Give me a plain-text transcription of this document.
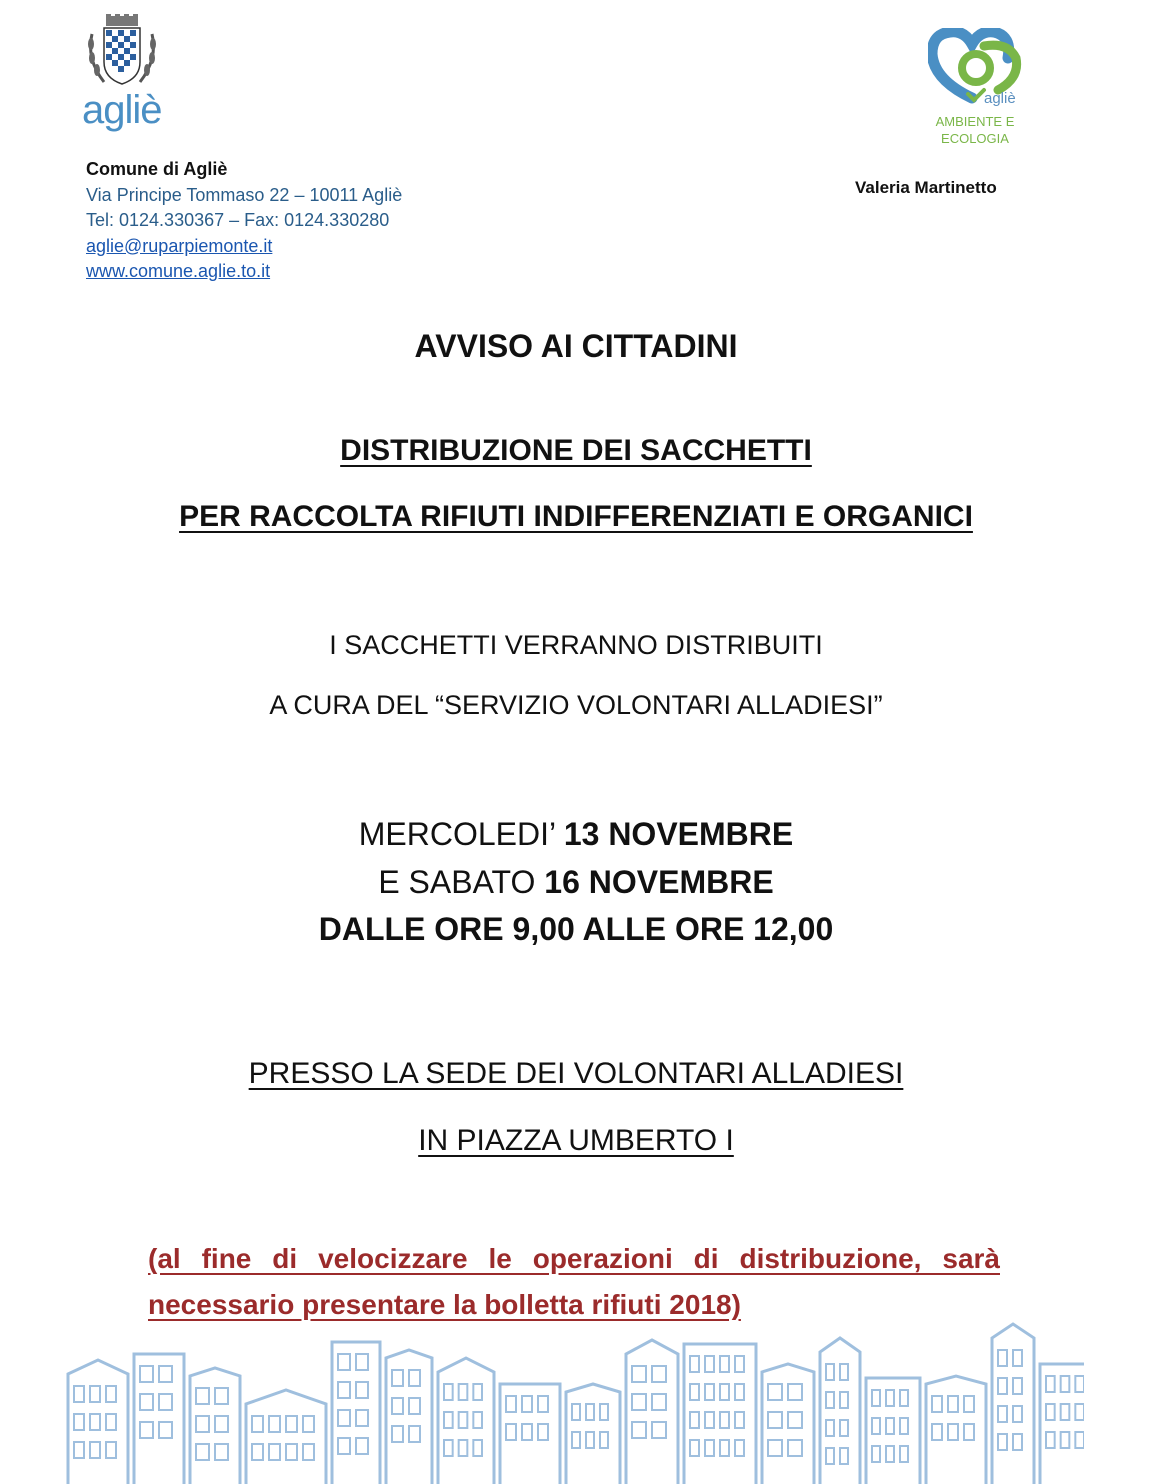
agliè
Comune di Agliè
Via Principe Tommaso 22 – 10011 Agliè
Tel: 0124.330367 – Fax: 0124.330280
aglie@ruparpiemonte.it
www.comune.aglie.to.it
agliè
AMBIENTE E
ECOLOGIA
Valeria Martinetto
AVVISO AI CITTADINI
DISTRIBUZIONE DEI SACCHETTI
PER RACCOLTA RIFIUTI INDIFFERENZIATI E ORGANICI
I SACCHETTI VERRANNO DISTRIBUITI
A CURA DEL “SERVIZIO VOLONTARI ALLADIESI”
MERCOLEDI’ 13 NOVEMBRE
E SABATO 16 NOVEMBRE
DALLE ORE 9,00 ALLE ORE 12,00
PRESSO LA SEDE DEI VOLONTARI ALLADIESI
IN PIAZZA UMBERTO I
(al fine di velocizzare le operazioni di distribuzione, sarà necessario presentare la bolletta rifiuti 2018)
